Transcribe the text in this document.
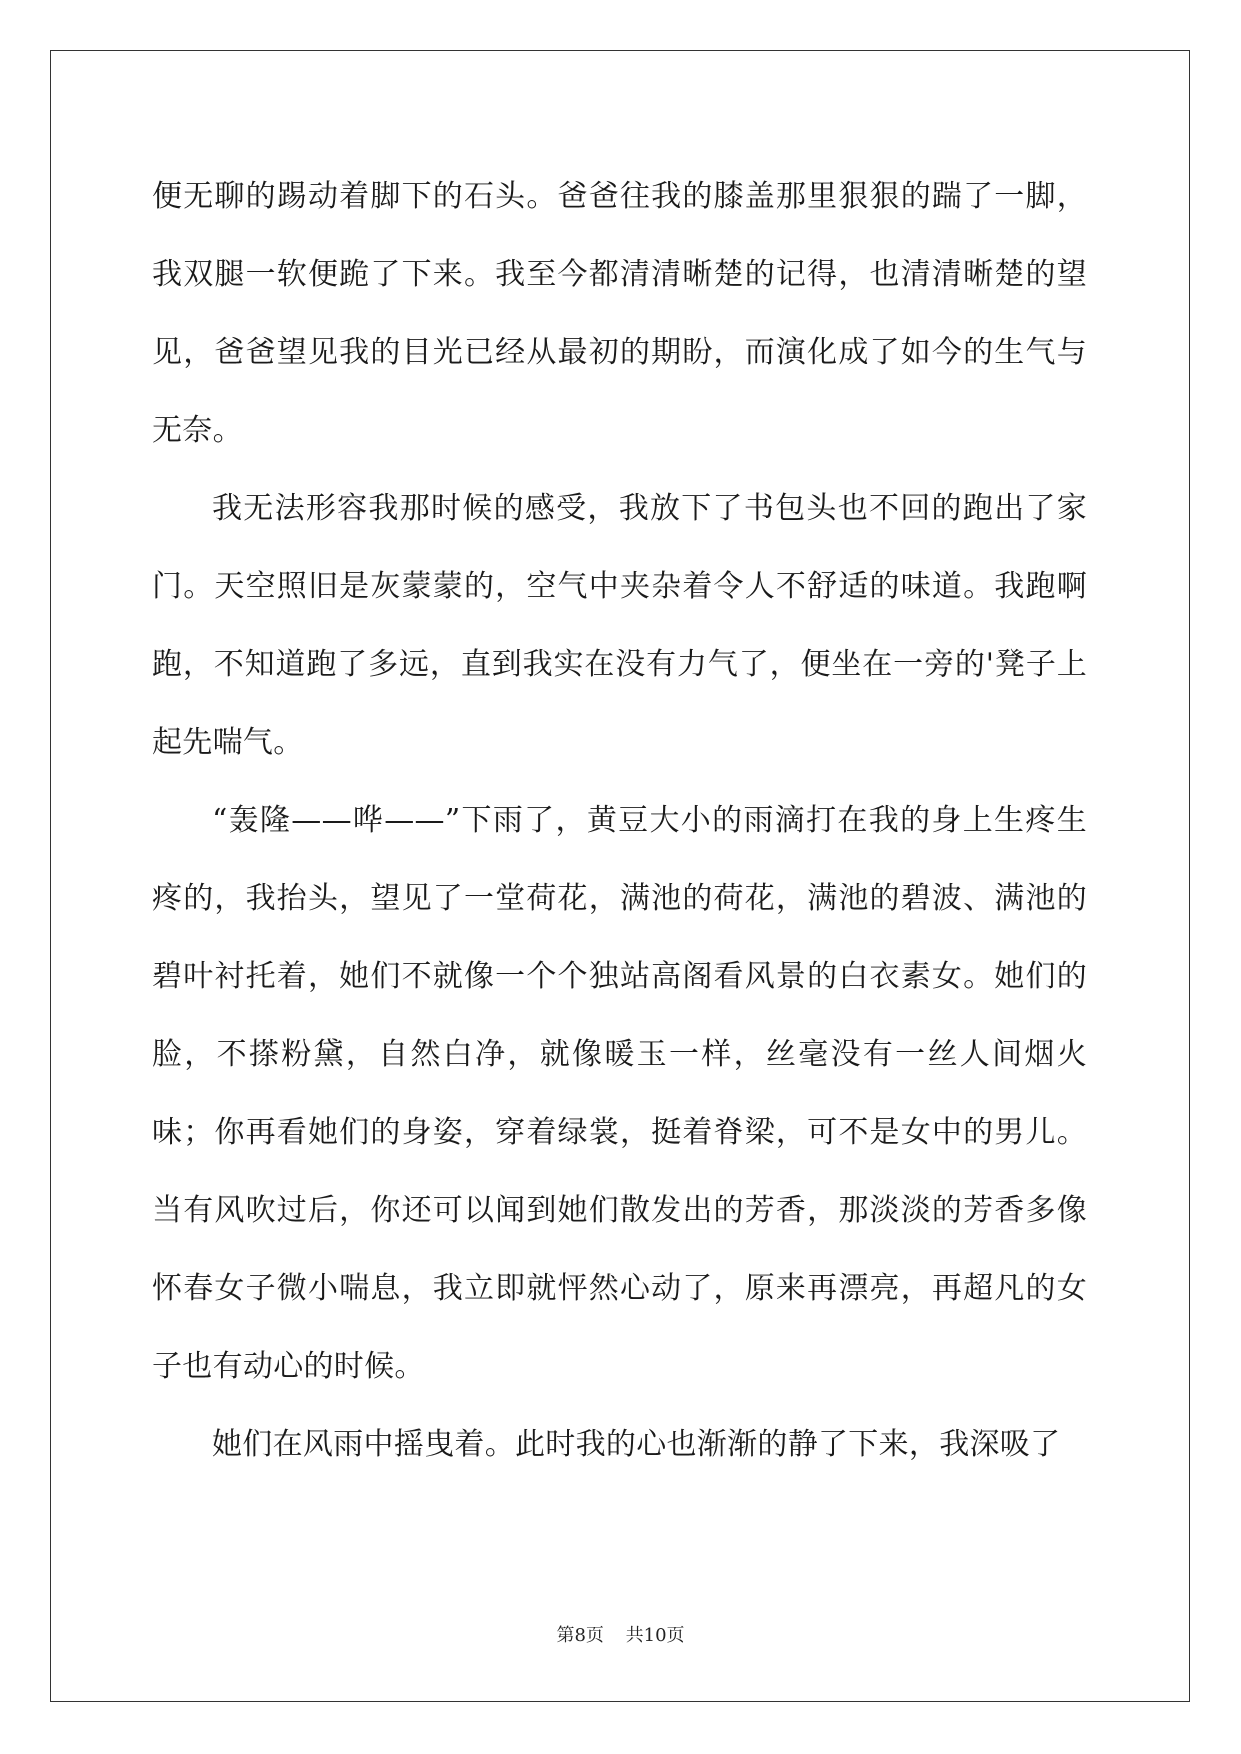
便无聊的踢动着脚下的石头。爸爸往我的膝盖那里狠狠的踹了一脚，我双腿一软便跪了下来。我至今都清清晰楚的记得，也清清晰楚的望见，爸爸望见我的目光已经从最初的期盼，而演化成了如今的生气与无奈。

我无法形容我那时候的感受，我放下了书包头也不回的跑出了家门。天空照旧是灰蒙蒙的，空气中夹杂着令人不舒适的味道。我跑啊跑，不知道跑了多远，直到我实在没有力气了，便坐在一旁的'凳子上起先喘气。

“轰隆——哗——”下雨了，黄豆大小的雨滴打在我的身上生疼生疼的，我抬头，望见了一堂荷花，满池的荷花，满池的碧波、满池的碧叶衬托着，她们不就像一个个独站高阁看风景的白衣素女。她们的脸，不搽粉黛，自然白净，就像暖玉一样，丝毫没有一丝人间烟火味；你再看她们的身姿，穿着绿裳，挺着脊梁，可不是女中的男儿。当有风吹过后，你还可以闻到她们散发出的芳香，那淡淡的芳香多像怀春女子微小喘息，我立即就怦然心动了，原来再漂亮，再超凡的女子也有动心的时候。

她们在风雨中摇曳着。此时我的心也渐渐的静了下来，我深吸了

第8页 共10页
